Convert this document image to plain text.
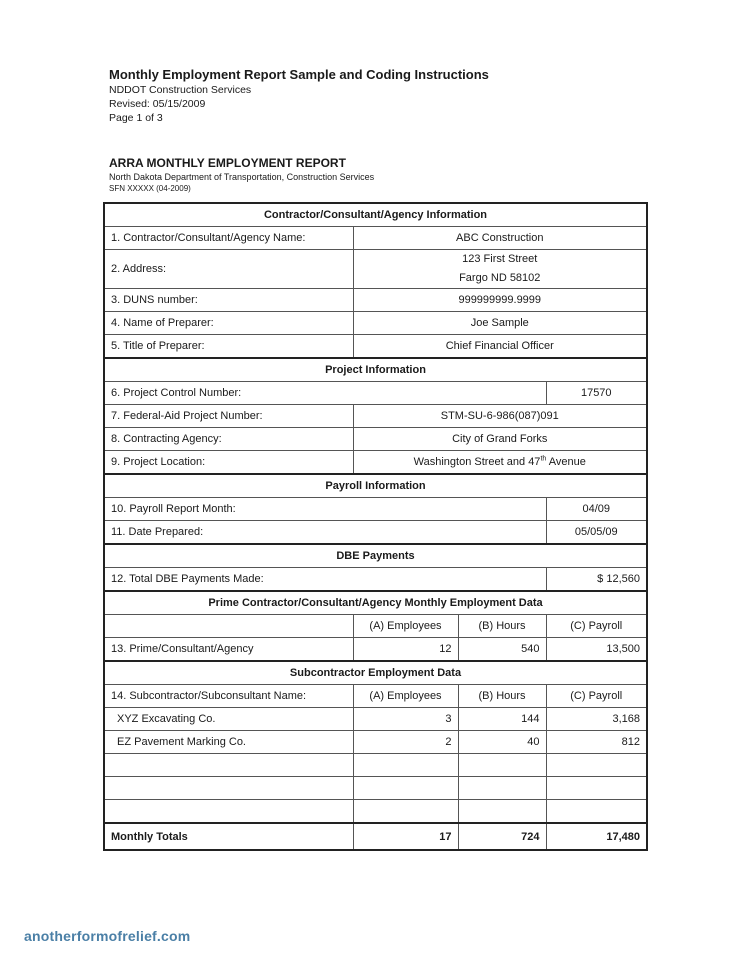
Monthly Employment Report Sample and Coding Instructions
NDDOT Construction Services
Revised: 05/15/2009
Page 1 of 3
ARRA MONTHLY EMPLOYMENT REPORT
North Dakota Department of Transportation, Construction Services
SFN XXXXX (04-2009)
Contractor/Consultant/Agency Information			
1. Contractor/Consultant/Agency Name:	ABC Construction		
2. Address:	123 First Street
Fargo ND 58102		

3. DUNS number:	999999999.9999		
4. Name of Preparer:	Joe Sample		
5. Title of Preparer:	Chief Financial Officer		
Project Information			
6. Project Control Number:			17570
7. Federal-Aid Project Number:	STM-SU-6-986(087)091		
8. Contracting Agency:	City of Grand Forks		
9. Project Location:	Washington Street and 47th Avenue		
Payroll Information			
10. Payroll Report Month:			04/09
11. Date Prepared:			05/05/09
DBE Payments			
12. Total DBE Payments Made:			$ 12,560
Prime Contractor/Consultant/Agency Monthly Employment Data			
	(A) Employees	(B) Hours	(C) Payroll
13. Prime/Consultant/Agency	12	540	13,500
Subcontractor Employment Data			
14. Subcontractor/Subconsultant Name:	(A) Employees	(B) Hours	(C) Payroll
XYZ Excavating Co.	3	144	3,168
EZ Pavement Marking Co.	2	40	812

Monthly Totals	17	724	17,480
anotherformofrelief.com
